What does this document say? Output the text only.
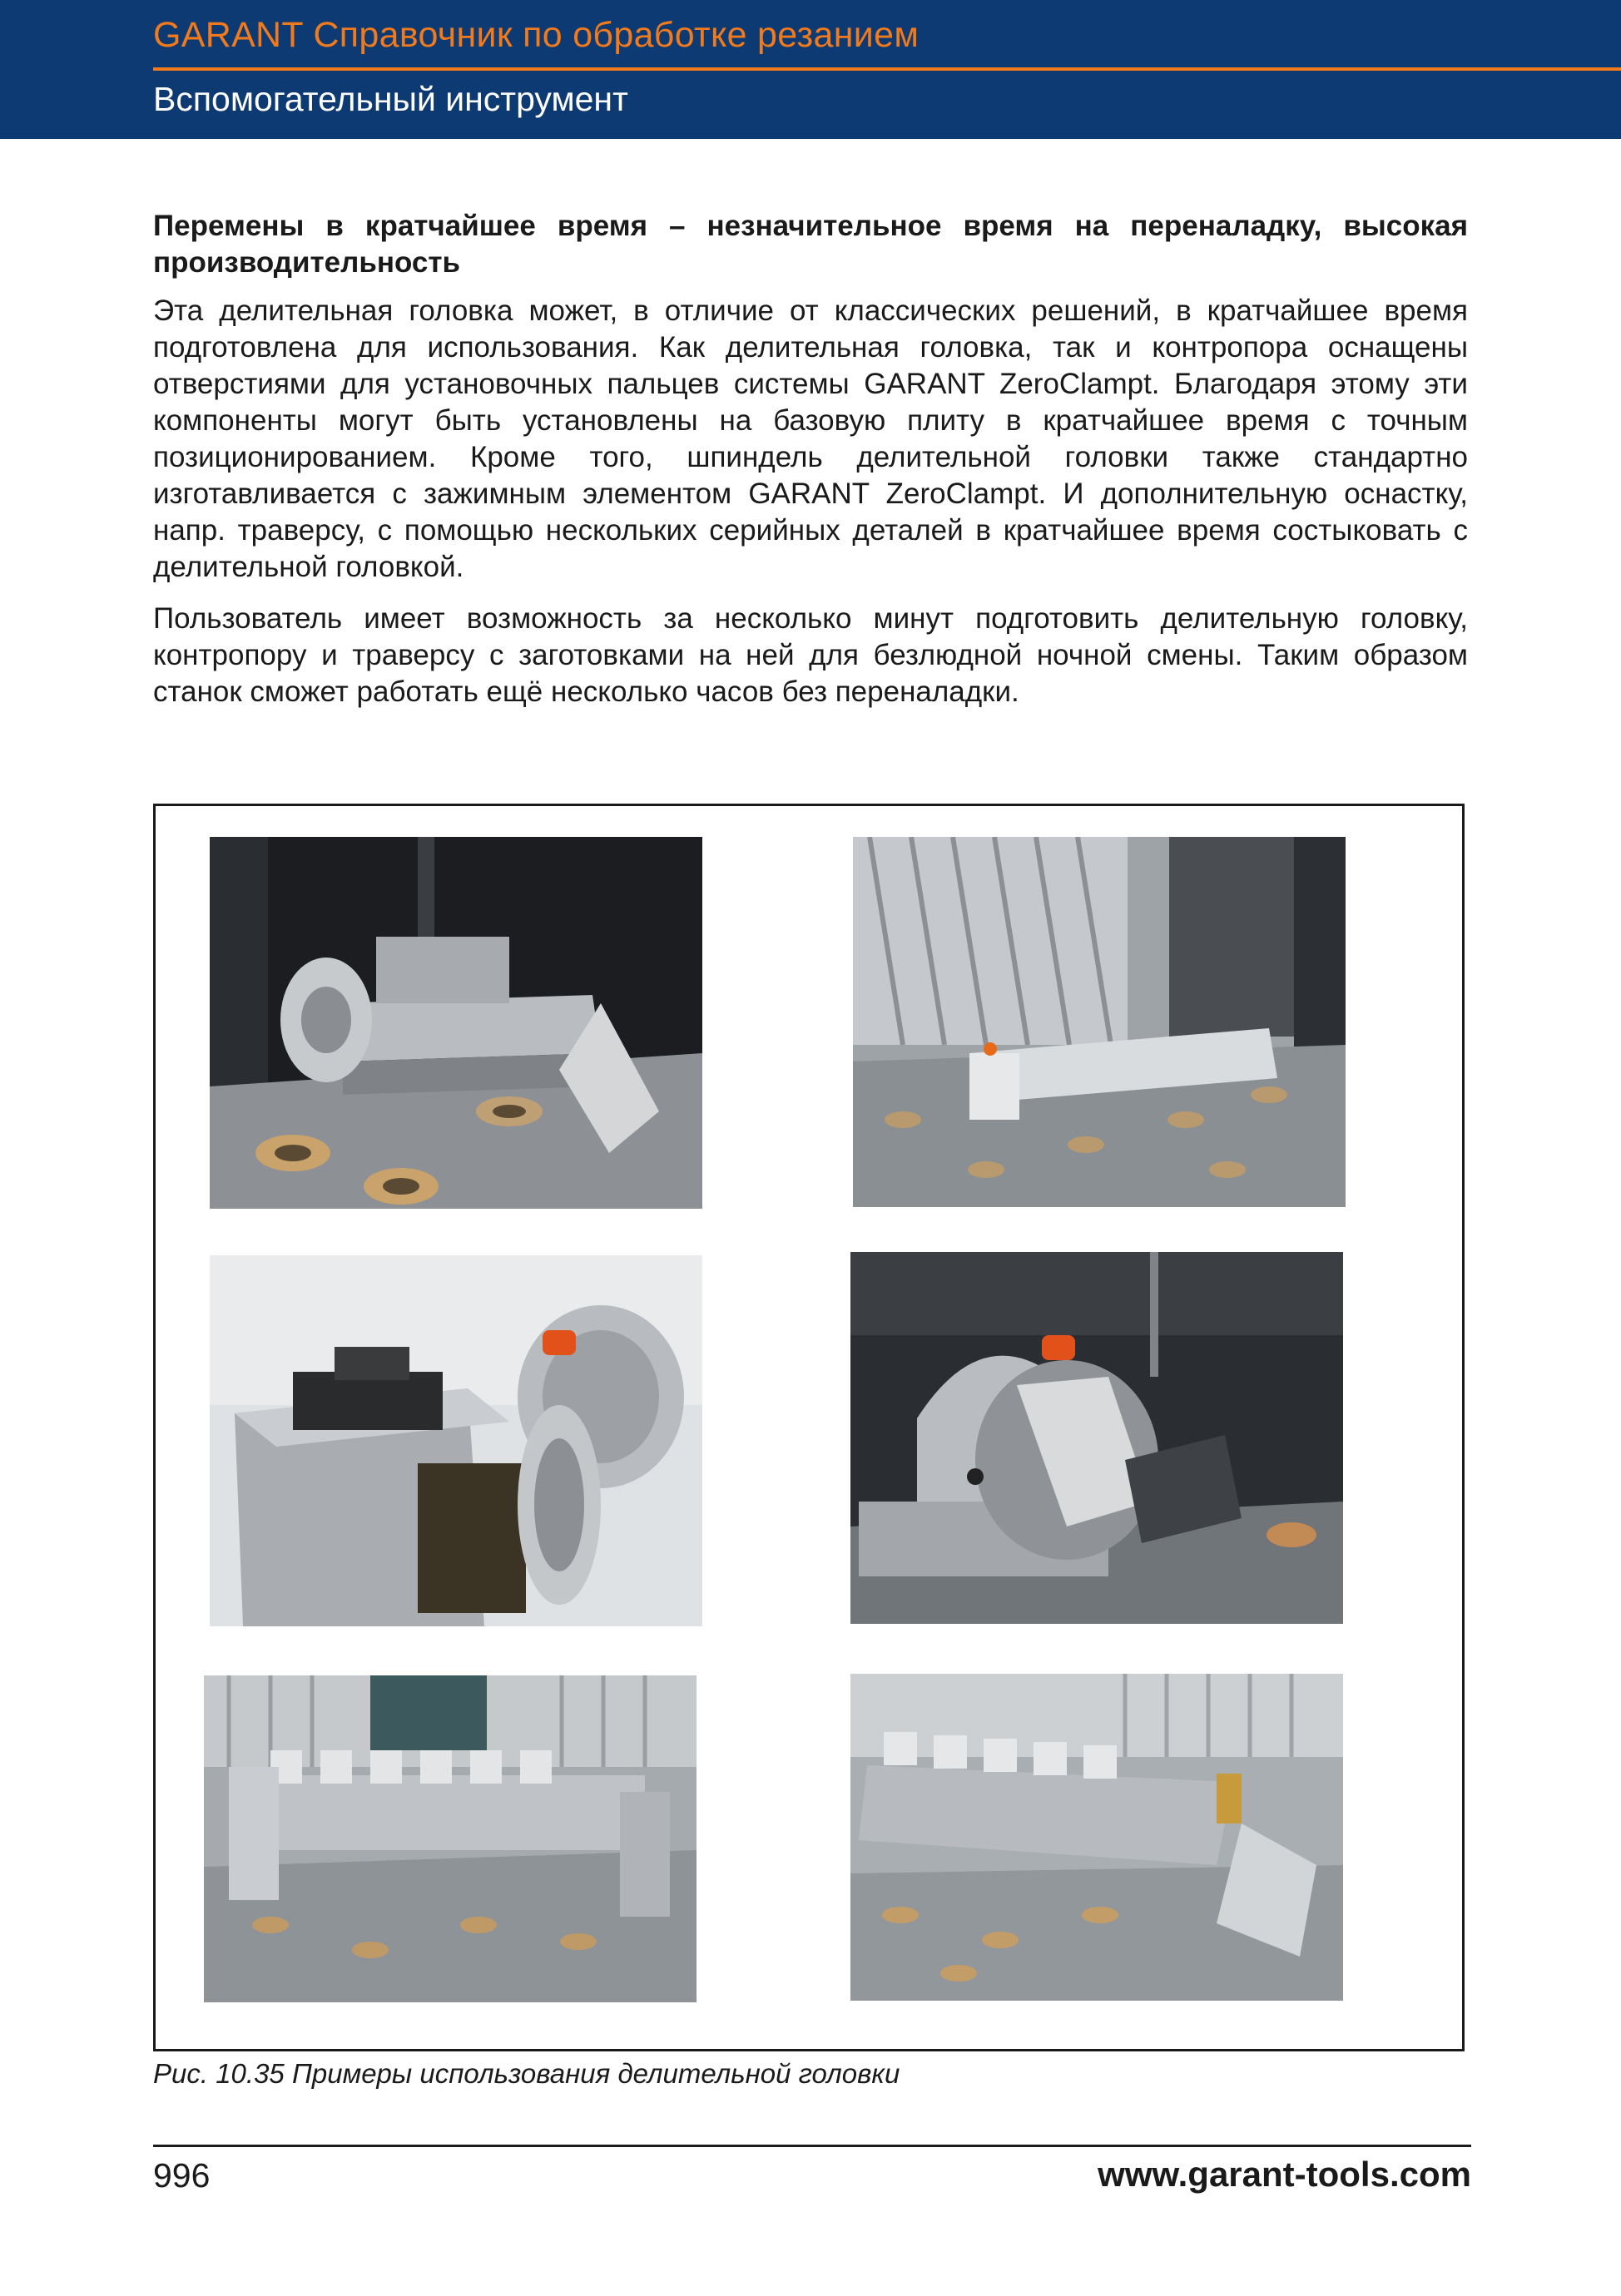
GARANT Справочник по обработке резанием
Вспомогательный инструмент
Перемены в кратчайшее время – незначительное время на переналадку, высокая производительность
Эта делительная головка может, в отличие от классических решений, в кратчайшее время подготовлена для использования. Как делительная головка, так и контропора оснащены отверстиями для установочных пальцев системы GARANT ZeroClampt. Благодаря этому эти компоненты могут быть установлены на базовую плиту в кратчайшее время с точным позиционированием. Кроме того, шпиндель делительной головки также стандартно изготавливается с зажимным элементом GARANT ZeroClampt. И дополнительную оснастку, напр. траверсу, с помощью нескольких серийных деталей в кратчайшее время состыковать с делительной головкой.
Пользователь имеет возможность за несколько минут подготовить делительную головку, контропору и траверсу с заготовками на ней для безлюдной ночной смены. Таким образом станок сможет работать ещё несколько часов без переналадки.
Рис. 10.35 Примеры использования делительной головки
996	www.garant-tools.com
